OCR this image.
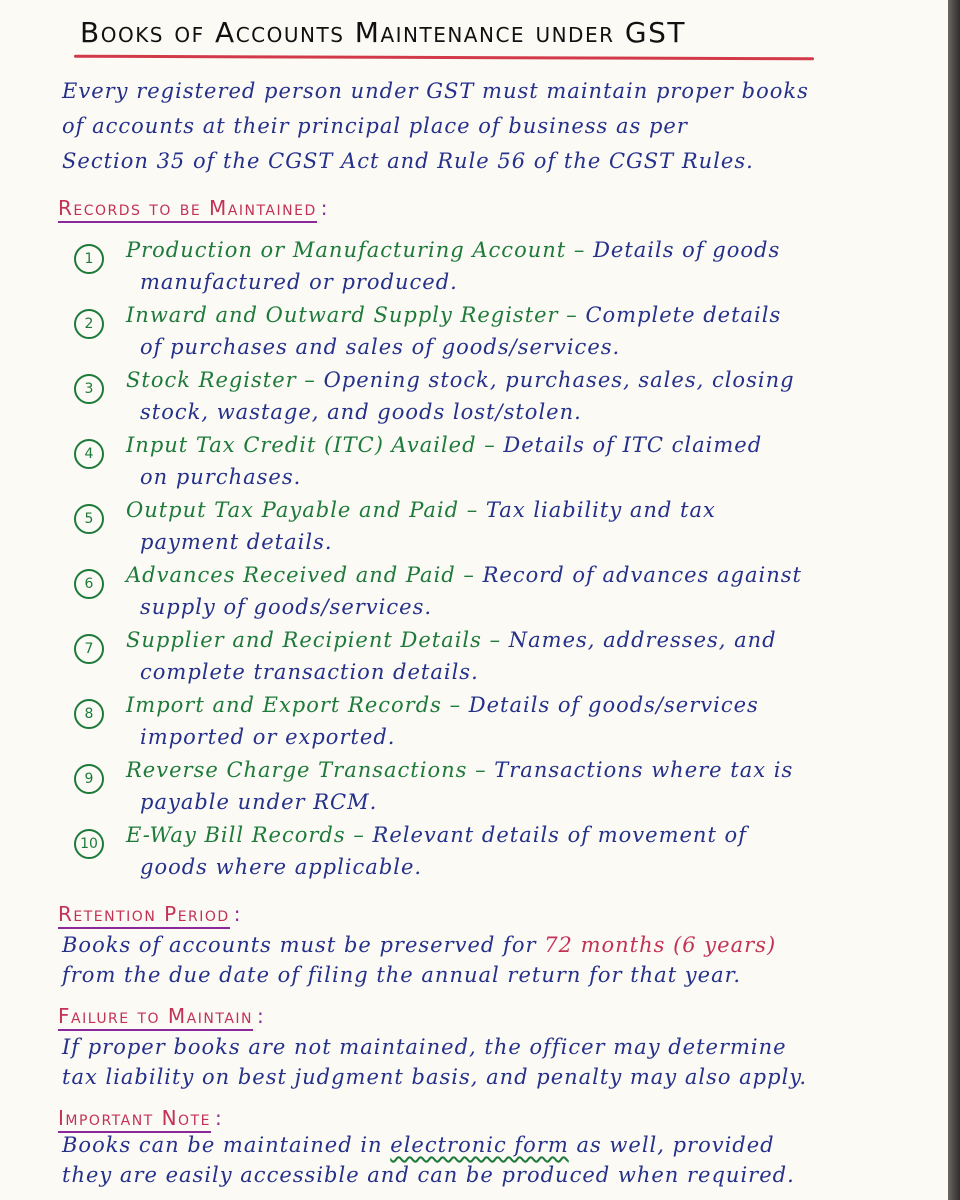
Books of Accounts Maintenance under GST
Every registered person under GST must maintain proper books
of accounts at their principal place of business as per
Section 35 of the CGST Act and Rule 56 of the CGST Rules.
Records to be Maintained :
1	Production or Manufacturing Account – Details of goods
manufactured or produced.
2	Inward and Outward Supply Register – Complete details
of purchases and sales of goods/services.
3	Stock Register – Opening stock, purchases, sales, closing
stock, wastage, and goods lost/stolen.
4	Input Tax Credit (ITC) Availed – Details of ITC claimed
on purchases.
5	Output Tax Payable and Paid – Tax liability and tax
payment details.
6	Advances Received and Paid – Record of advances against
supply of goods/services.
7	Supplier and Recipient Details – Names, addresses, and
complete transaction details.
8	Import and Export Records – Details of goods/services
imported or exported.
9	Reverse Charge Transactions – Transactions where tax is
payable under RCM.
10 E-Way Bill Records – Relevant details of movement of
goods where applicable.
Retention Period :
Books of accounts must be preserved for 72 months (6 years)
from the due date of filing the annual return for that year.
Failure to Maintain :
If proper books are not maintained, the officer may determine
tax liability on best judgment basis, and penalty may also apply.
Important Note :
Books can be maintained in electronic form as well, provided
they are easily accessible and can be produced when required.
